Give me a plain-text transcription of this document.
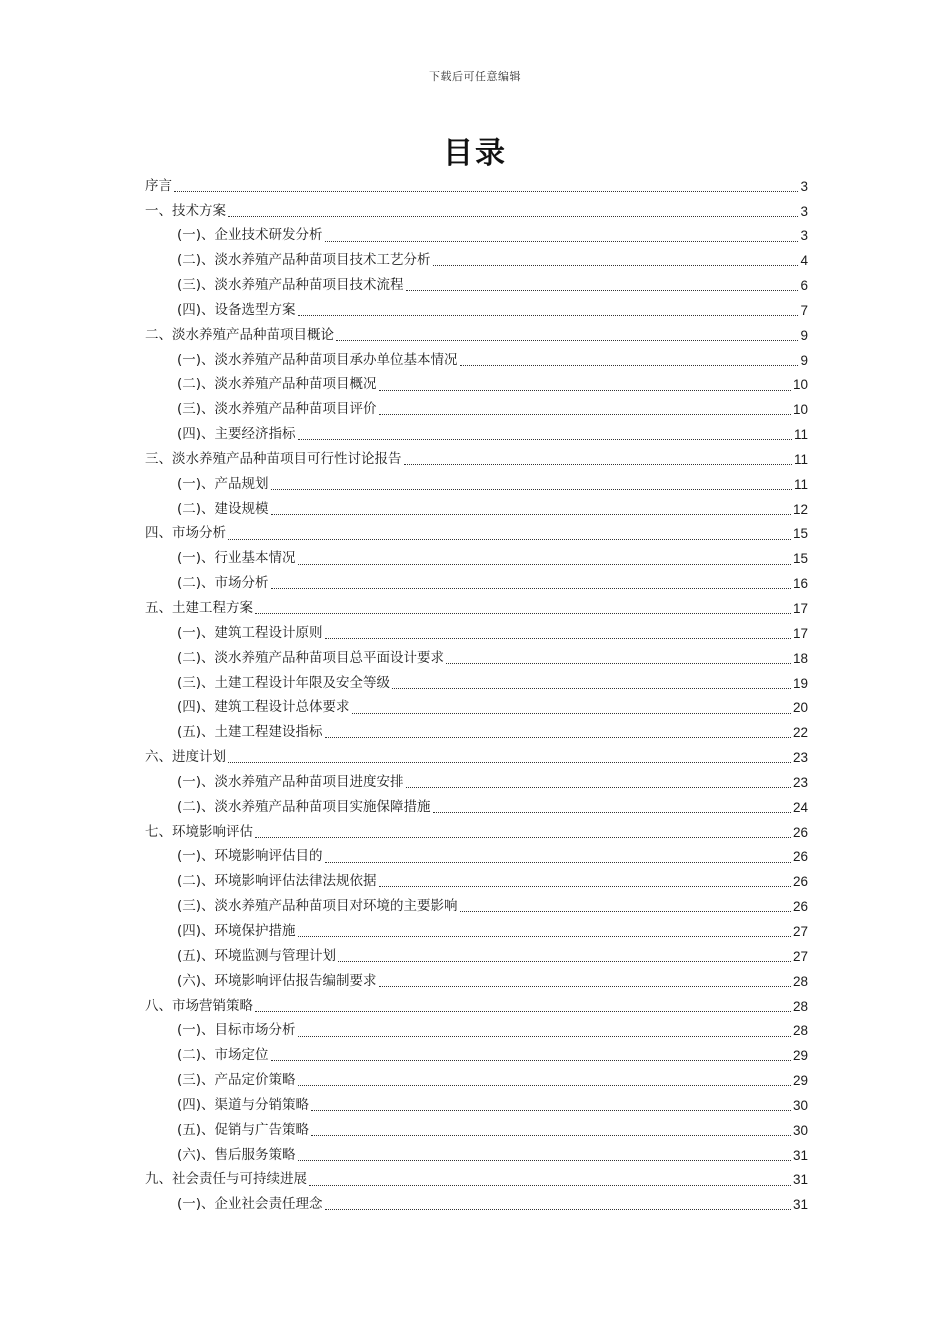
下载后可任意编辑
目录
序言	3
一、技术方案	3
(一)、企业技术研发分析	3
(二)、淡水养殖产品种苗项目技术工艺分析	4
(三)、淡水养殖产品种苗项目技术流程	6
(四)、设备选型方案	7
二、淡水养殖产品种苗项目概论	9
(一)、淡水养殖产品种苗项目承办单位基本情况	9
(二)、淡水养殖产品种苗项目概况	10
(三)、淡水养殖产品种苗项目评价	10
(四)、主要经济指标	11
三、淡水养殖产品种苗项目可行性讨论报告	11
(一)、产品规划	11
(二)、建设规模	12
四、市场分析	15
(一)、行业基本情况	15
(二)、市场分析	16
五、土建工程方案	17
(一)、建筑工程设计原则	17
(二)、淡水养殖产品种苗项目总平面设计要求	18
(三)、土建工程设计年限及安全等级	19
(四)、建筑工程设计总体要求	20
(五)、土建工程建设指标	22
六、进度计划	23
(一)、淡水养殖产品种苗项目进度安排	23
(二)、淡水养殖产品种苗项目实施保障措施	24
七、环境影响评估	26
(一)、环境影响评估目的	26
(二)、环境影响评估法律法规依据	26
(三)、淡水养殖产品种苗项目对环境的主要影响	26
(四)、环境保护措施	27
(五)、环境监测与管理计划	27
(六)、环境影响评估报告编制要求	28
八、市场营销策略	28
(一)、目标市场分析	28
(二)、市场定位	29
(三)、产品定价策略	29
(四)、渠道与分销策略	30
(五)、促销与广告策略	30
(六)、售后服务策略	31
九、社会责任与可持续进展	31
(一)、企业社会责任理念	31
